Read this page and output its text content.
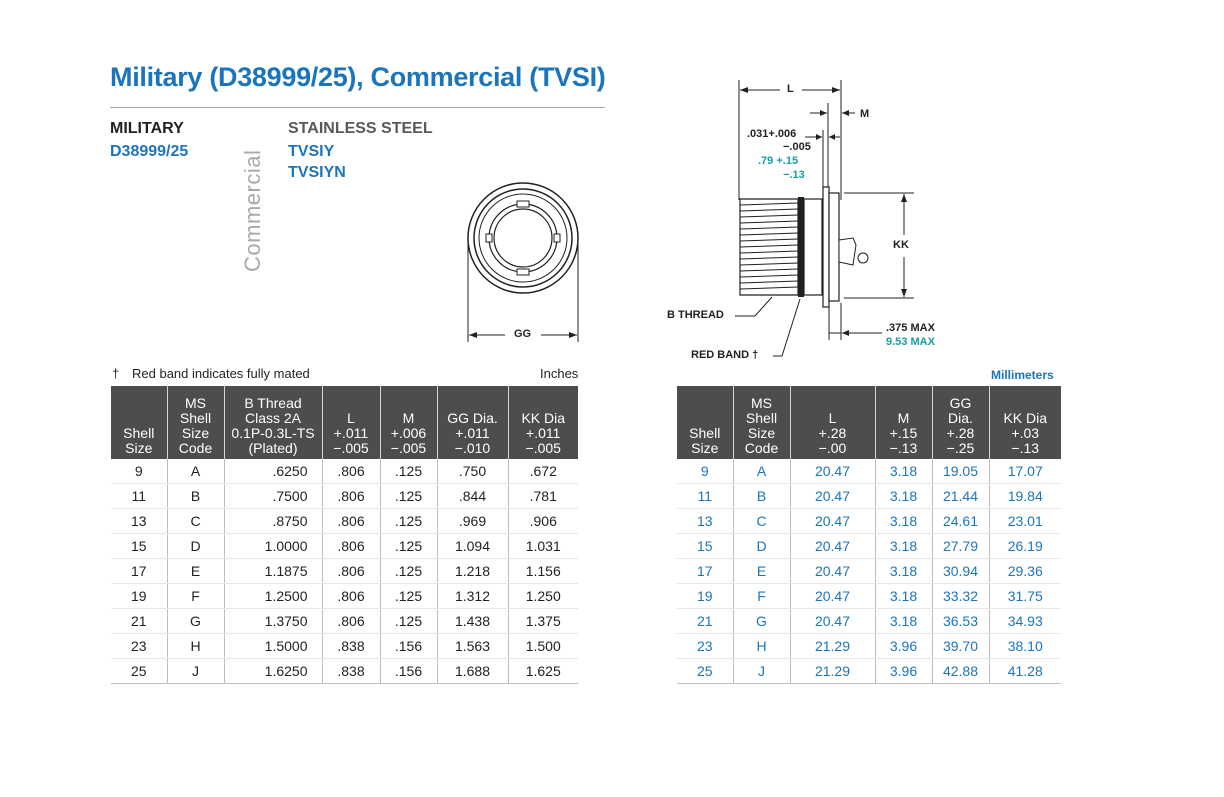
Military (D38999/25), Commercial (TVSI)
MILITARY
D38999/25 Commercial
STAINLESS STEEL
TVSIY
TVSIYN
GG
L
M
.031+.006
−.005
.79 +.15
−.13
KK
B THREAD
RED BAND †
.375 MAX
9.53 MAX
† Red band indicates fully mated	Inches	Millimeters
Shell
Size	MS
Shell
Size
Code	B Thread
Class 2A
0.1P-0.3L-TS
(Plated)	L
+.011
−.005	M
+.006
−.005	GG Dia.
+.011
−.010	KK Dia
+.011
−.005
9	A	.6250	.806	.125	.750	.672
11	B	.7500	.806	.125	.844	.781
13	C	.8750	.806	.125	.969	.906
15	D	1.0000	.806	.125	1.094	1.031
17	E	1.1875	.806	.125	1.218	1.156
19	F	1.2500	.806	.125	1.312	1.250
21	G	1.3750	.806	.125	1.438	1.375
23	H	1.5000	.838	.156	1.563	1.500
25	J	1.6250	.838	.156	1.688	1.625
Shell
Size	MS
Shell
Size
Code	L
+.28
−.00	M
+.15
−.13	GG
Dia.
+.28
−.25	KK Dia
+.03
−.13
9	A	20.47	3.18	19.05	17.07
11	B	20.47	3.18	21.44	19.84
13	C	20.47	3.18	24.61	23.01
15	D	20.47	3.18	27.79	26.19
17	E	20.47	3.18	30.94	29.36
19	F	20.47	3.18	33.32	31.75
21	G	20.47	3.18	36.53	34.93
23	H	21.29	3.96	39.70	38.10
25	J	21.29	3.96	42.88	41.28
